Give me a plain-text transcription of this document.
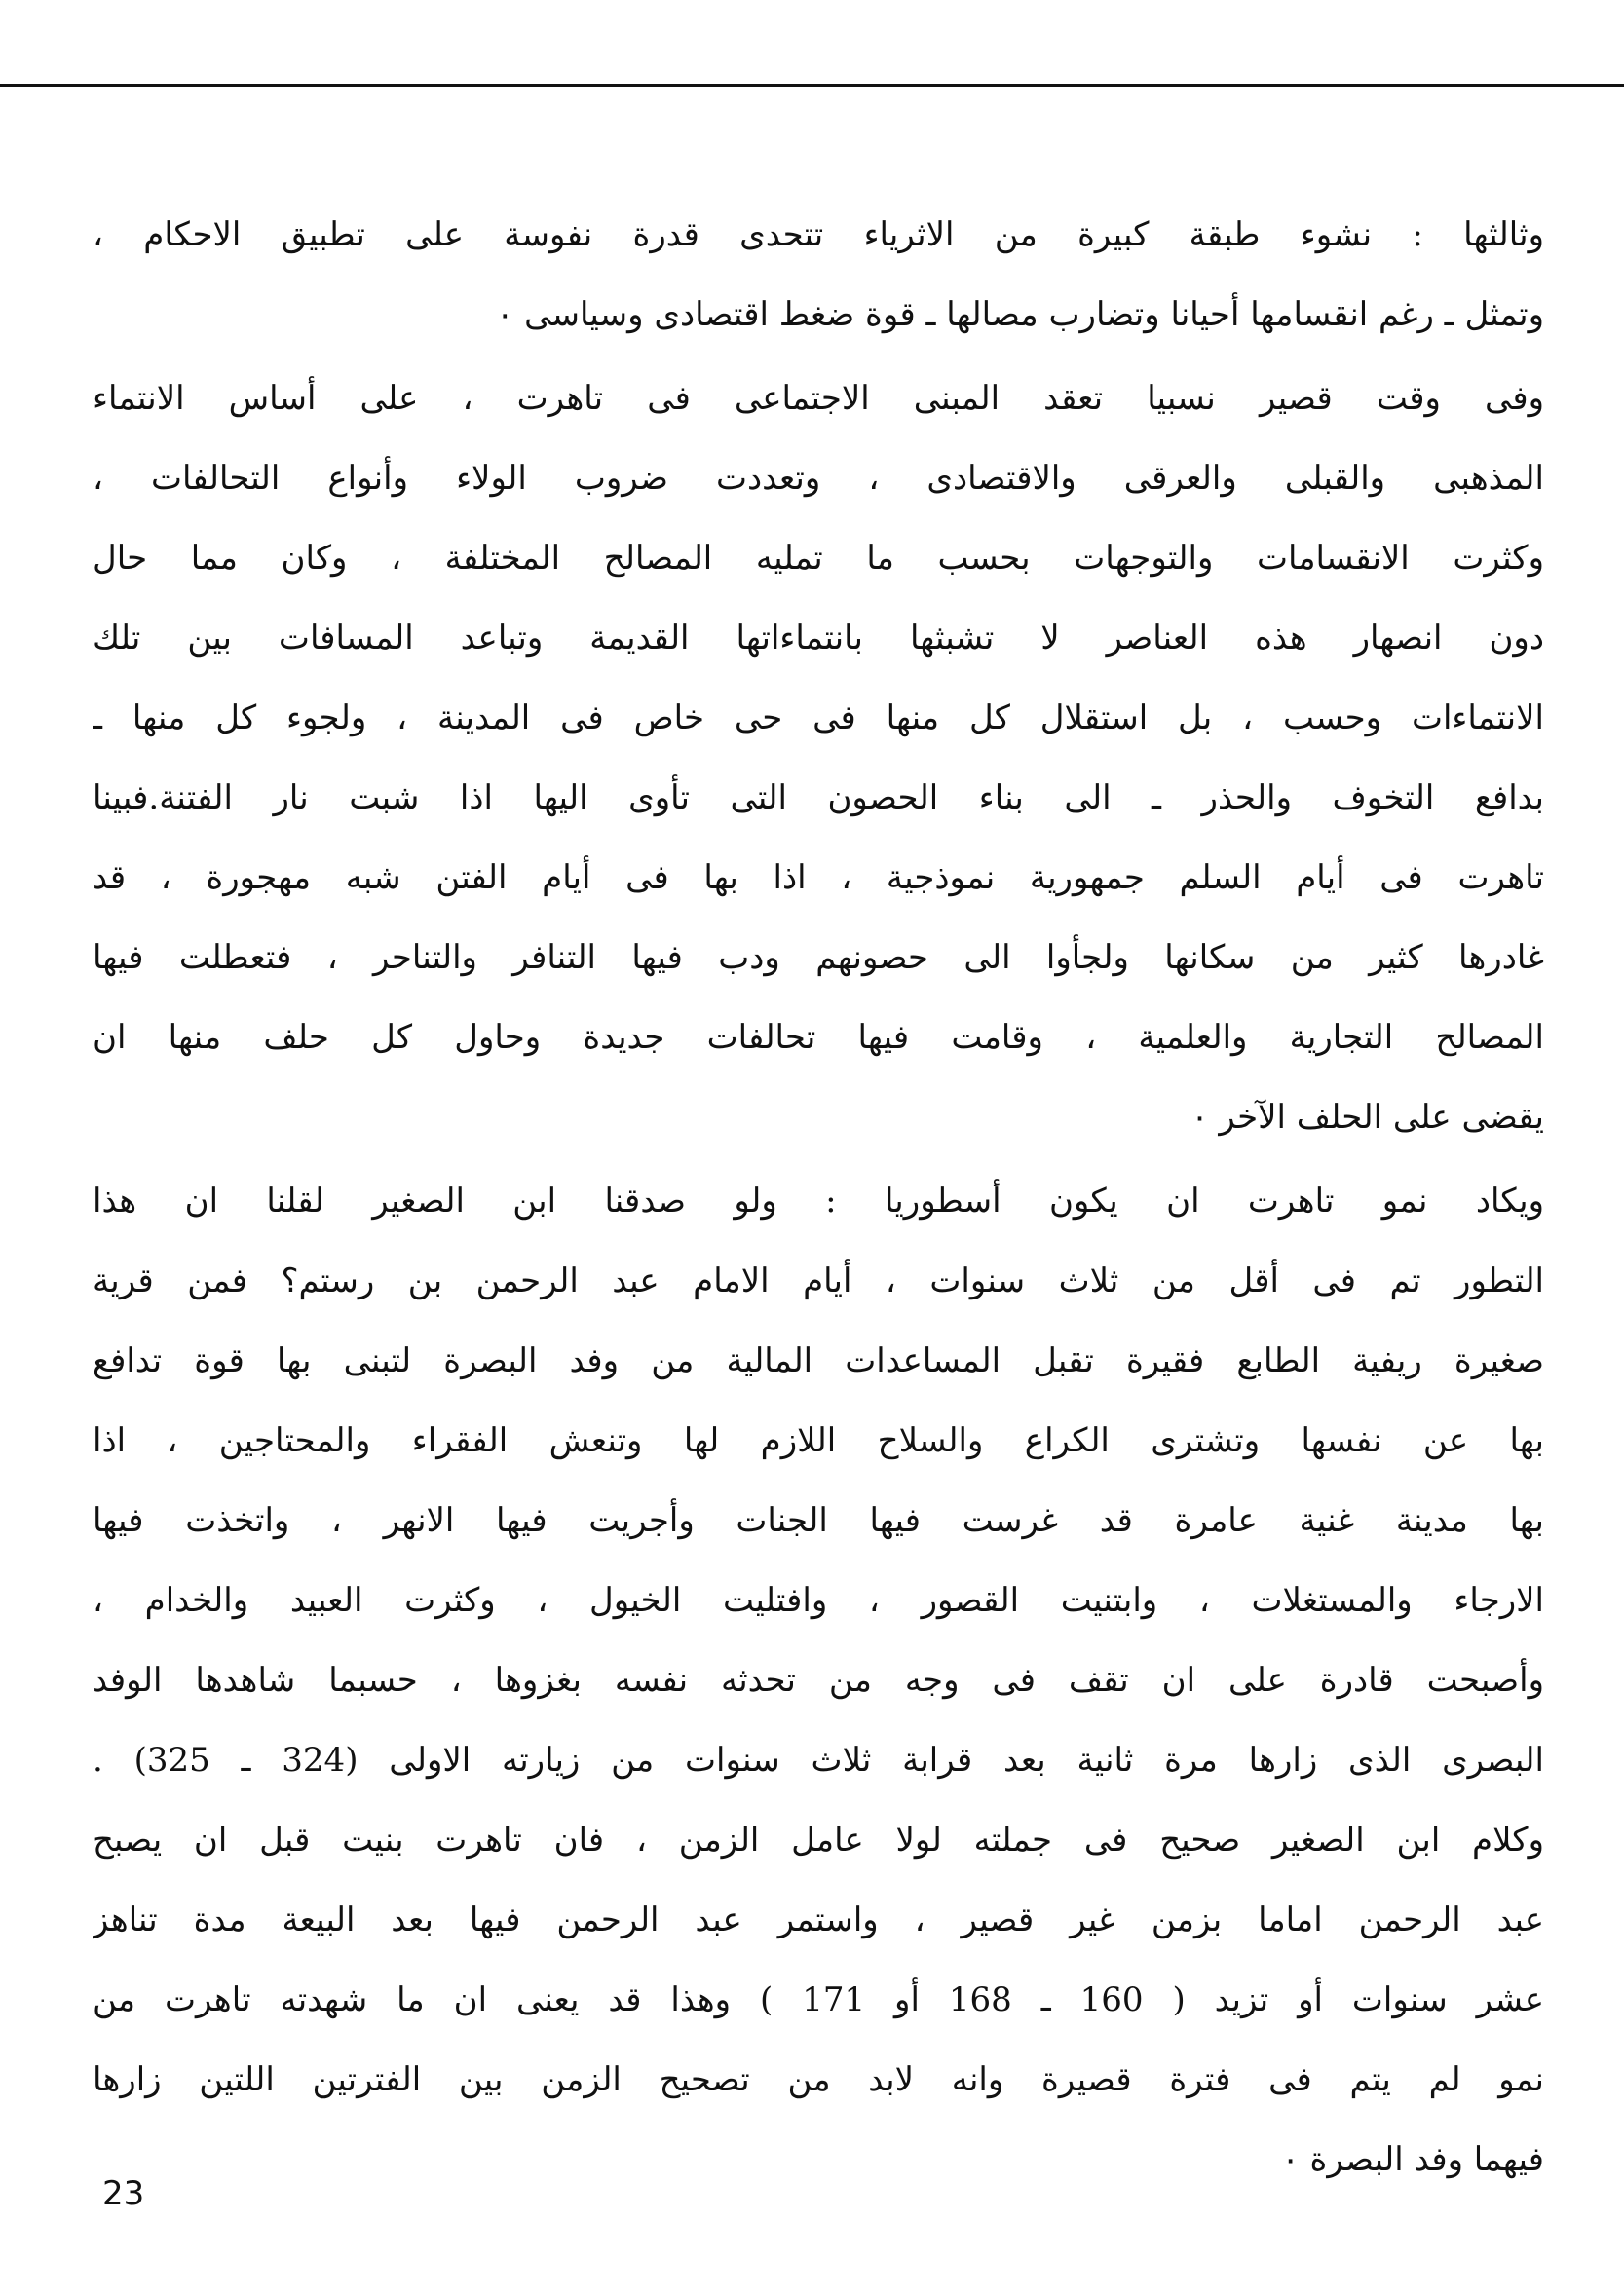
وثالثها : نشوء طبقة كبيرة من الاثرياء تتحدى قدرة نفوسة على تطبيق الاحكام ،
وتمثل ـ رغم انقسامها أحيانا وتضارب مصالها ـ قوة ضغط اقتصادى وسياسى ٠
وفى وقت قصير نسبيا تعقد المبنى الاجتماعى فى تاهرت ، على أساس الانتماء
المذهبى والقبلى والعرقى والاقتصادى ، وتعددت ضروب الولاء وأنواع التحالفات ،
وكثرت الانقسامات والتوجهات بحسب ما تمليه المصالح المختلفة ، وكان مما حال
دون انصهار هذه العناصر لا تشبثها بانتماءاتها القديمة وتباعد المسافات بين تلك
الانتماءات وحسب ، بل استقلال كل منها فى حى خاص فى المدينة ، ولجوء كل منها ـ
بدافع التخوف والحذر ـ الى بناء الحصون التى تأوى اليها اذا شبت نار الفتنة.فبينا
تاهرت فى أيام السلم جمهورية نموذجية ، اذا بها فى أيام الفتن شبه مهجورة ، قد
غادرها كثير من سكانها ولجأوا الى حصونهم ودب فيها التنافر والتناحر ، فتعطلت فيها
المصالح التجارية والعلمية ، وقامت فيها تحالفات جديدة وحاول كل حلف منها ان
يقضى على الحلف الآخر ٠
ويكاد نمو تاهرت ان يكون أسطوريا : ولو صدقنا ابن الصغير لقلنا ان هذا
التطور تم فى أقل من ثلاث سنوات ، أيام الامام عبد الرحمن بن رستم؟ فمن قرية
صغيرة ريفية الطابع فقيرة تقبل المساعدات المالية من وفد البصرة لتبنى بها قوة تدافع
بها عن نفسها وتشترى الكراع والسلاح اللازم لها وتنعش الفقراء والمحتاجين ، اذا
بها مدينة غنية عامرة قد غرست فيها الجنات وأجريت فيها الانهر ، واتخذت فيها
الارجاء والمستغلات ، وابتنيت القصور ، وافتليت الخيول ، وكثرت العبيد والخدام ،
وأصبحت قادرة على ان تقف فى وجه من تحدثه نفسه بغزوها ، حسبما شاهدها الوفد
البصرى الذى زارها مرة ثانية بعد قرابة ثلاث سنوات من زيارته الاولى (324 ـ 325) .
وكلام ابن الصغير صحيح فى جملته لولا عامل الزمن ، فان تاهرت بنيت قبل ان يصبح
عبد الرحمن اماما بزمن غير قصير ، واستمر عبد الرحمن فيها بعد البيعة مدة تناهز
عشر سنوات أو تزيد ( 160 ـ 168 أو 171 ) وهذا قد يعنى ان ما شهدته تاهرت من
نمو لم يتم فى فترة قصيرة وانه لابد من تصحيح الزمن بين الفترتين اللتين زارها
فيهما وفد البصرة ٠
23
